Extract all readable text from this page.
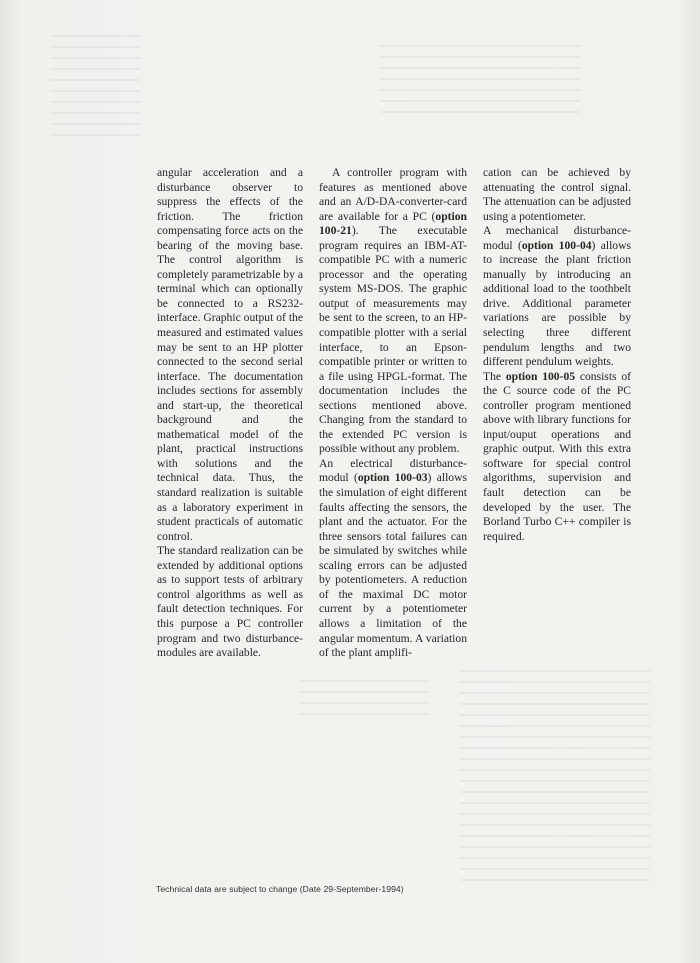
angular acceleration and a disturbance observer to suppress the effects of the friction. The friction compensating force acts on the bearing of the moving base. The control algorithm is completely parametrizable by a terminal which can optionally be connected to a RS232-interface. Graphic output of the measured and estimated values may be sent to an HP plotter connected to the second serial interface. The documentation includes sections for assembly and start-up, the theoretical background and the mathematical model of the plant, practical instructions with solutions and the technical data. Thus, the standard realization is suitable as a laboratory experiment in student practicals of automatic control.

The standard realization can be extended by additional options as to support tests of arbitrary control algorithms as well as fault detection techniques. For this purpose a PC controller program and two disturbance-modules are available.

A controller program with features as mentioned above and an A/D-DA-converter-card are available for a PC (option 100-21). The executable program requires an IBM-AT-compatible PC with a numeric processor and the operating system MS-DOS. The graphic output of measurements may be sent to the screen, to an HP-compatible plotter with a serial interface, to an Epson-compatible printer or written to a file using HPGL-format. The documentation includes the sections mentioned above. Changing from the standard to the extended PC version is possible without any problem.

An electrical disturbance-modul (option 100-03) allows the simulation of eight different faults affecting the sensors, the plant and the actuator. For the three sensors total failures can be simulated by switches while scaling errors can be adjusted by potentiometers. A reduction of the maximal DC motor current by a potentiometer allows a limitation of the angular momentum. A variation of the plant amplifi-

cation can be achieved by attenuating the control signal. The attenuation can be adjusted using a potentiometer.

A mechanical disturbance-modul (option 100-04) allows to increase the plant friction manually by introducing an additional load to the toothbelt drive. Additional parameter variations are possible by selecting three different pendulum lengths and two different pendulum weights.

The option 100-05 consists of the C source code of the PC controller program mentioned above with library functions for input/ouput operations and graphic output. With this extra software for special control algorithms, supervision and fault detection can be developed by the user. The Borland Turbo C++ compiler is required.

Technical data are subject to change (Date 29-September-1994)
